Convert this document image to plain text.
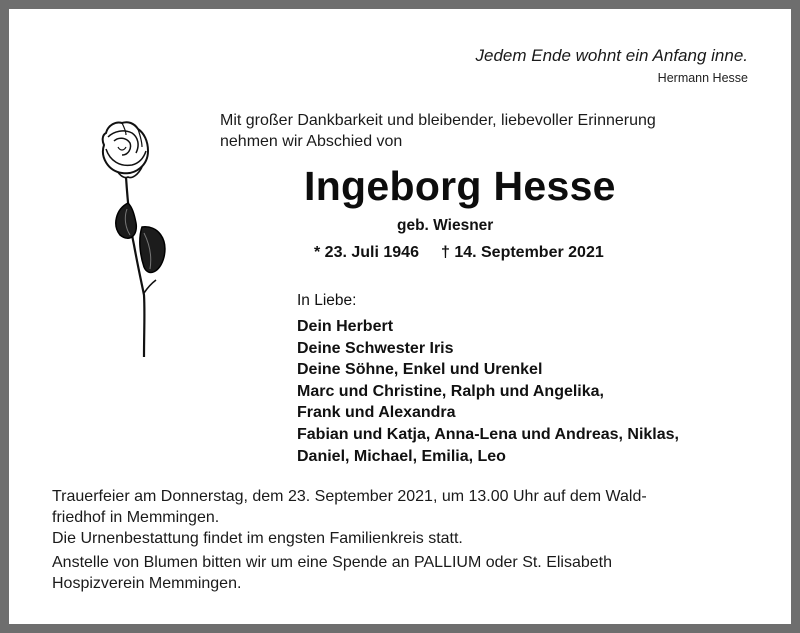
Jedem Ende wohnt ein Anfang inne.
Hermann Hesse
Mit großer Dankbarkeit und bleibender, liebevoller Erinnerung
nehmen wir Abschied von
Ingeborg Hesse
geb. Wiesner
* 23. Juli 1946 † 14. September 2021
In Liebe:
Dein Herbert
Deine Schwester Iris
Deine Söhne, Enkel und Urenkel
Marc und Christine, Ralph und Angelika,
Frank und Alexandra
Fabian und Katja, Anna-Lena und Andreas, Niklas,
Daniel, Michael, Emilia, Leo
Trauerfeier am Donnerstag, dem 23. September 2021, um 13.00 Uhr auf dem Wald-
friedhof in Memmingen.
Die Urnenbestattung findet im engsten Familienkreis statt.
Anstelle von Blumen bitten wir um eine Spende an PALLIUM oder St. Elisabeth
Hospizverein Memmingen.
